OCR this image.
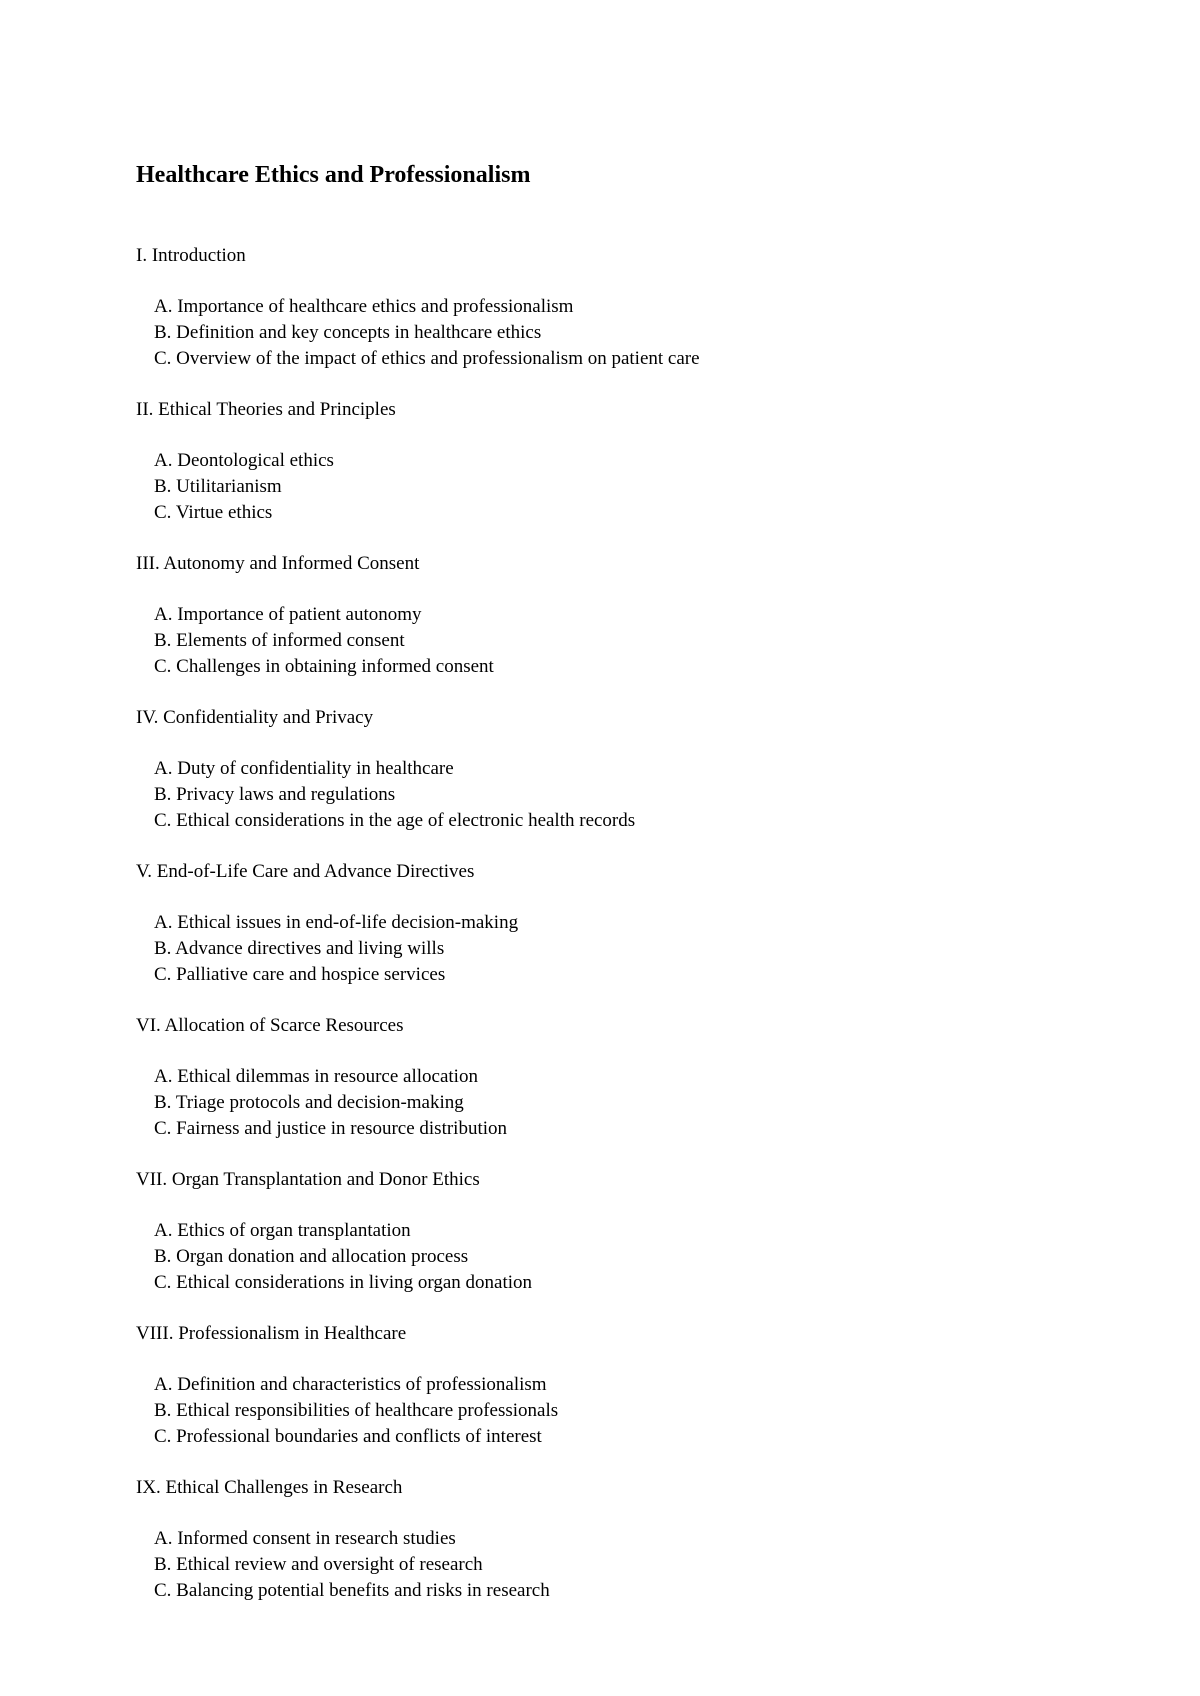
Healthcare Ethics and Professionalism
I. Introduction
A. Importance of healthcare ethics and professionalism
B. Definition and key concepts in healthcare ethics
C. Overview of the impact of ethics and professionalism on patient care
II. Ethical Theories and Principles
A. Deontological ethics
B. Utilitarianism
C. Virtue ethics
III. Autonomy and Informed Consent
A. Importance of patient autonomy
B. Elements of informed consent
C. Challenges in obtaining informed consent
IV. Confidentiality and Privacy
A. Duty of confidentiality in healthcare
B. Privacy laws and regulations
C. Ethical considerations in the age of electronic health records
V. End-of-Life Care and Advance Directives
A. Ethical issues in end-of-life decision-making
B. Advance directives and living wills
C. Palliative care and hospice services
VI. Allocation of Scarce Resources
A. Ethical dilemmas in resource allocation
B. Triage protocols and decision-making
C. Fairness and justice in resource distribution
VII. Organ Transplantation and Donor Ethics
A. Ethics of organ transplantation
B. Organ donation and allocation process
C. Ethical considerations in living organ donation
VIII. Professionalism in Healthcare
A. Definition and characteristics of professionalism
B. Ethical responsibilities of healthcare professionals
C. Professional boundaries and conflicts of interest
IX. Ethical Challenges in Research
A. Informed consent in research studies
B. Ethical review and oversight of research
C. Balancing potential benefits and risks in research
